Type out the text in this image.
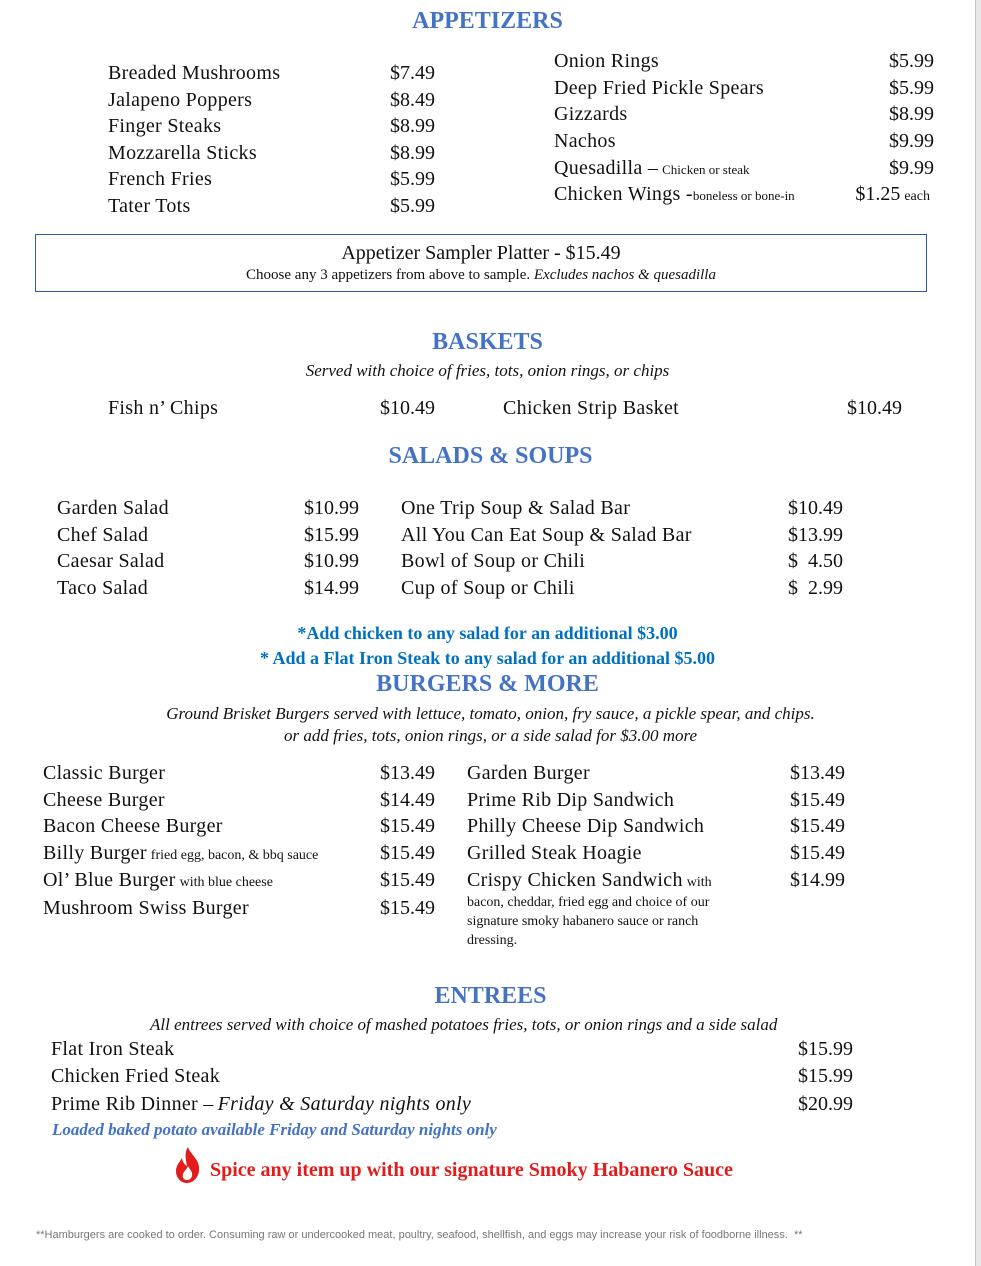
APPETIZERS
Breaded Mushrooms	$7.49
Jalapeno Poppers	$8.49
Finger Steaks	$8.99
Mozzarella Sticks	$8.99
French Fries	$5.99
Tater Tots	$5.99
Onion Rings	$5.99
Deep Fried Pickle Spears	$5.99
Gizzards	$8.99
Nachos	$9.99
Quesadilla – Chicken or steak	$9.99
Chicken Wings -boneless or bone-in	$1.25 each
Appetizer Sampler Platter - $15.49
Choose any 3 appetizers from above to sample. Excludes nachos & quesadilla
BASKETS
Served with choice of fries, tots, onion rings, or chips
Fish n’ Chips	$10.49	Chicken Strip Basket	$10.49
SALADS & SOUPS
Garden Salad	$10.99
Chef Salad	$15.99
Caesar Salad	$10.99
Taco Salad	$14.99
One Trip Soup & Salad Bar	$10.49
All You Can Eat Soup & Salad Bar	$13.99
Bowl of Soup or Chili	$  4.50
Cup of Soup or Chili	$  2.99
*Add chicken to any salad for an additional $3.00
* Add a Flat Iron Steak to any salad for an additional $5.00
BURGERS & MORE
Ground Brisket Burgers served with lettuce, tomato, onion, fry sauce, a pickle spear, and chips.
or add fries, tots, onion rings, or a side salad for $3.00 more
Classic Burger	$13.49
Cheese Burger	$14.49
Bacon Cheese Burger	$15.49
Billy Burger fried egg, bacon, & bbq sauce	$15.49
Ol’ Blue Burger with blue cheese	$15.49
Mushroom Swiss Burger	$15.49
Garden Burger	$13.49
Prime Rib Dip Sandwich	$15.49
Philly Cheese Dip Sandwich	$15.49
Grilled Steak Hoagie	$15.49
Crispy Chicken Sandwich with	$14.99
bacon, cheddar, fried egg and choice of our
signature smoky habanero sauce or ranch
dressing.
ENTREES
All entrees served with choice of mashed potatoes fries, tots, or onion rings and a side salad
Flat Iron Steak	$15.99
Chicken Fried Steak	$15.99
Prime Rib Dinner – Friday & Saturday nights only	$20.99
Loaded baked potato available Friday and Saturday nights only
Spice any item up with our signature Smoky Habanero Sauce
**Hamburgers are cooked to order. Consuming raw or undercooked meat, poultry, seafood, shellfish, and eggs may increase your risk of foodborne illness.  **
